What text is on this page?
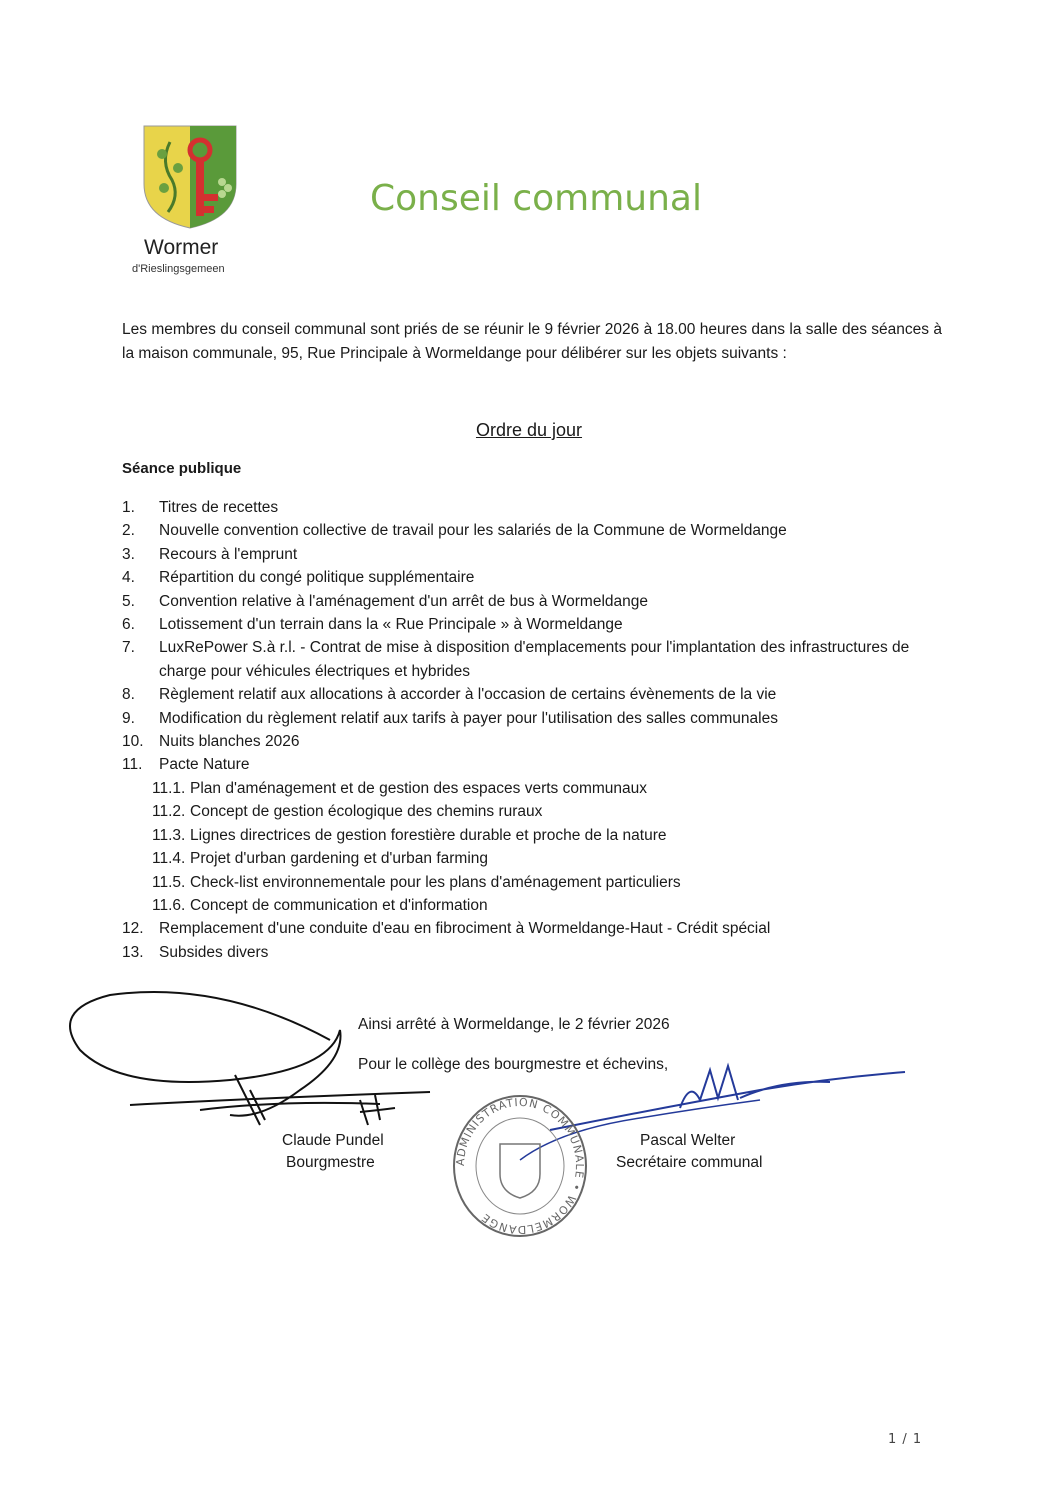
Wormer
d'Rieslingsgemeen
Conseil communal
Les membres du conseil communal sont priés de se réunir le 9 février 2026 à 18.00 heures dans la salle des séances à la maison communale, 95, Rue Principale à Wormeldange pour délibérer sur les objets suivants :
Ordre du jour
Séance publique
1.	Titres de recettes
2.	Nouvelle convention collective de travail pour les salariés de la Commune de Wormeldange
3.	Recours à l'emprunt
4.	Répartition du congé politique supplémentaire
5.	Convention relative à l'aménagement d'un arrêt de bus à Wormeldange
6.	Lotissement d'un terrain dans la « Rue Principale » à Wormeldange
7.	LuxRePower S.à r.l. - Contrat de mise à disposition d'emplacements pour l'implantation des infrastructures de charge pour véhicules électriques et hybrides
8.	Règlement relatif aux allocations à accorder à l'occasion de certains évènements de la vie
9.	Modification du règlement relatif aux tarifs à payer pour l'utilisation des salles communales
10. Nuits blanches 2026
11.	Pacte Nature
11.1. Plan d'aménagement et de gestion des espaces verts communaux
11.2. Concept de gestion écologique des chemins ruraux
11.3. Lignes directrices de gestion forestière durable et proche de la nature
11.4. Projet d'urban gardening et d'urban farming
11.5. Check-list environnementale pour les plans d'aménagement particuliers
11.6. Concept de communication et d'information
12. Remplacement d'une conduite d'eau en fibrociment à Wormeldange-Haut - Crédit spécial
13. Subsides divers
ADMINISTRATION COMMUNALE • WORMELDANGE
Ainsi arrêté à Wormeldange, le 2 février 2026
Pour le collège des bourgmestre et échevins,
Claude Pundel
Bourgmestre
Pascal Welter
Secrétaire communal
1 / 1
